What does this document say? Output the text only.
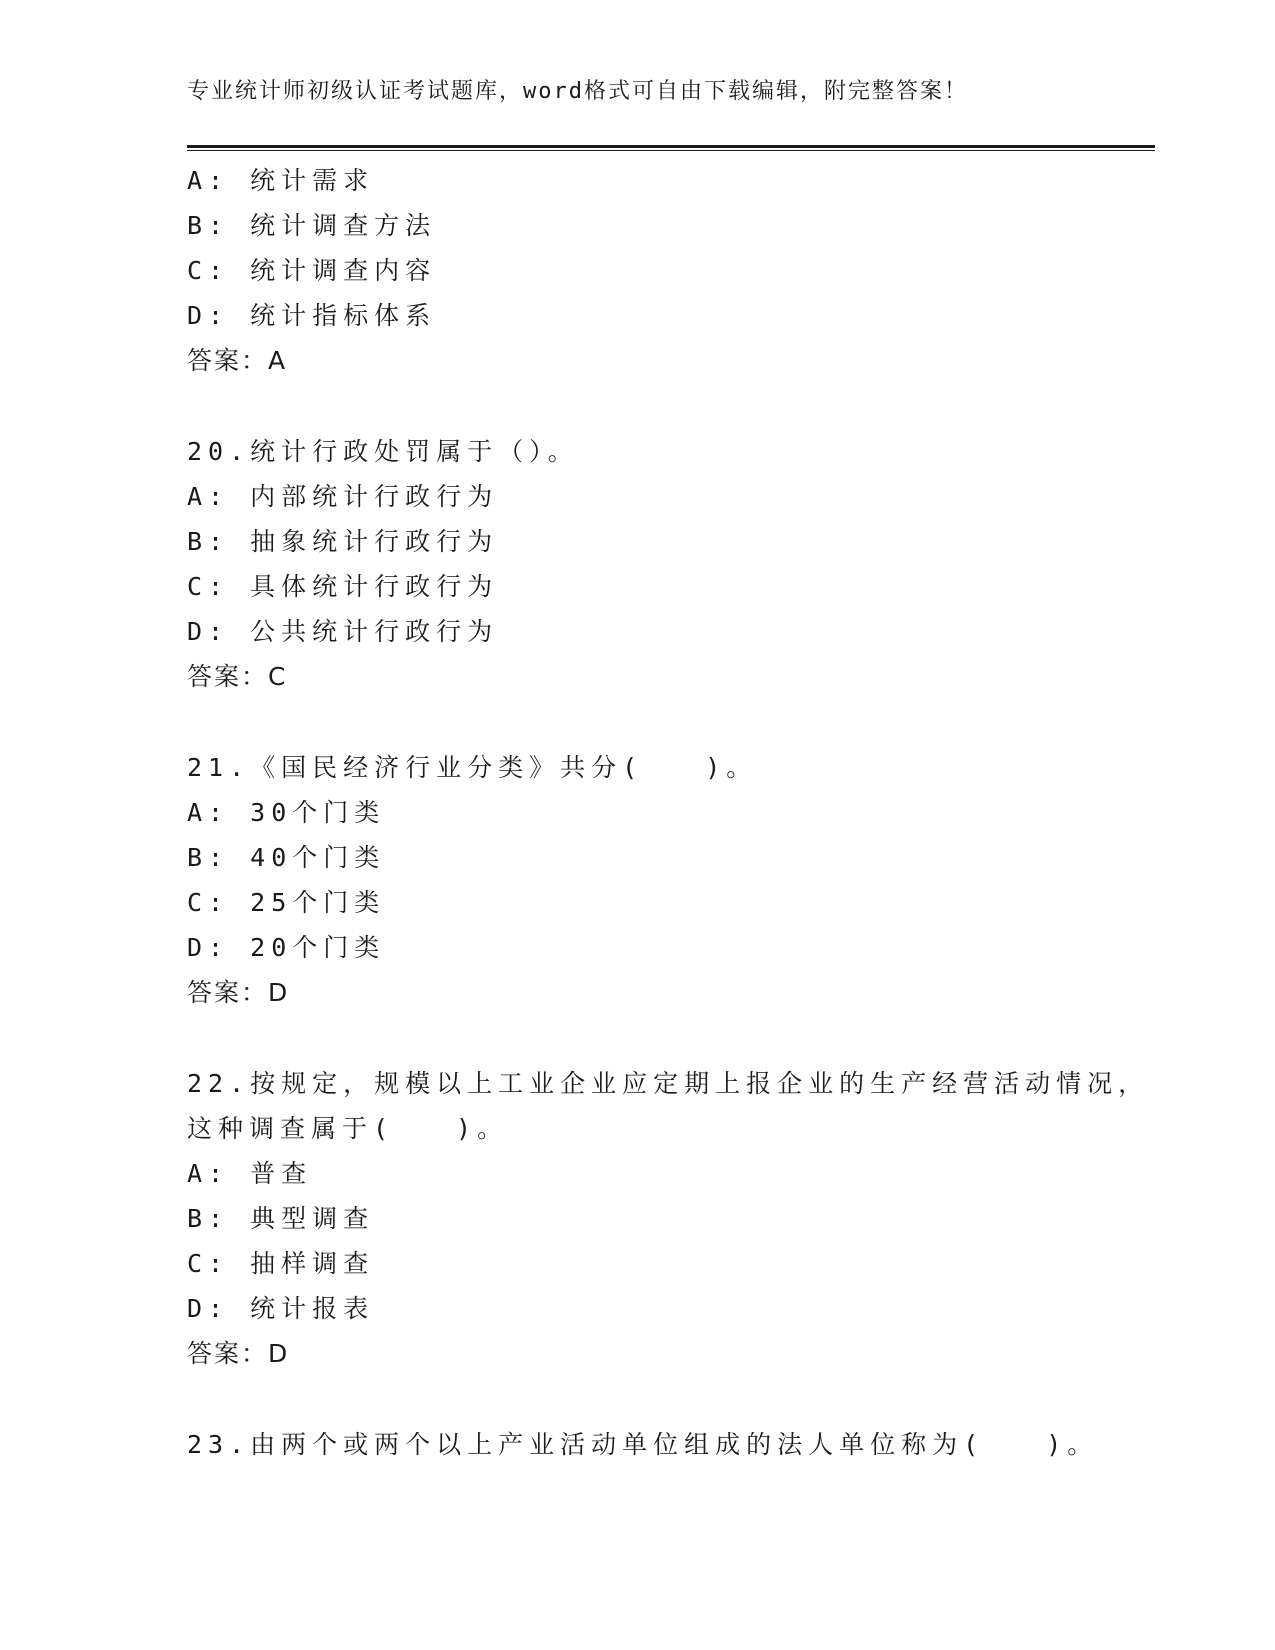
专业统计师初级认证考试题库，word格式可自由下载编辑，附完整答案！
A: 统计需求
B: 统计调查方法
C: 统计调查内容
D: 统计指标体系
答案：A
20.统计行政处罚属于（）。
A: 内部统计行政行为
B: 抽象统计行政行为
C: 具体统计行政行为
D: 公共统计行政行为
答案：C
21.《国民经济行业分类》共分(　　)。
A: 30个门类
B: 40个门类
C: 25个门类
D: 20个门类
答案：D
22.按规定，规模以上工业企业应定期上报企业的生产经营活动情况，
这种调查属于(　　)。
A: 普查
B: 典型调查
C: 抽样调查
D: 统计报表
答案：D
23.由两个或两个以上产业活动单位组成的法人单位称为(　　)。
